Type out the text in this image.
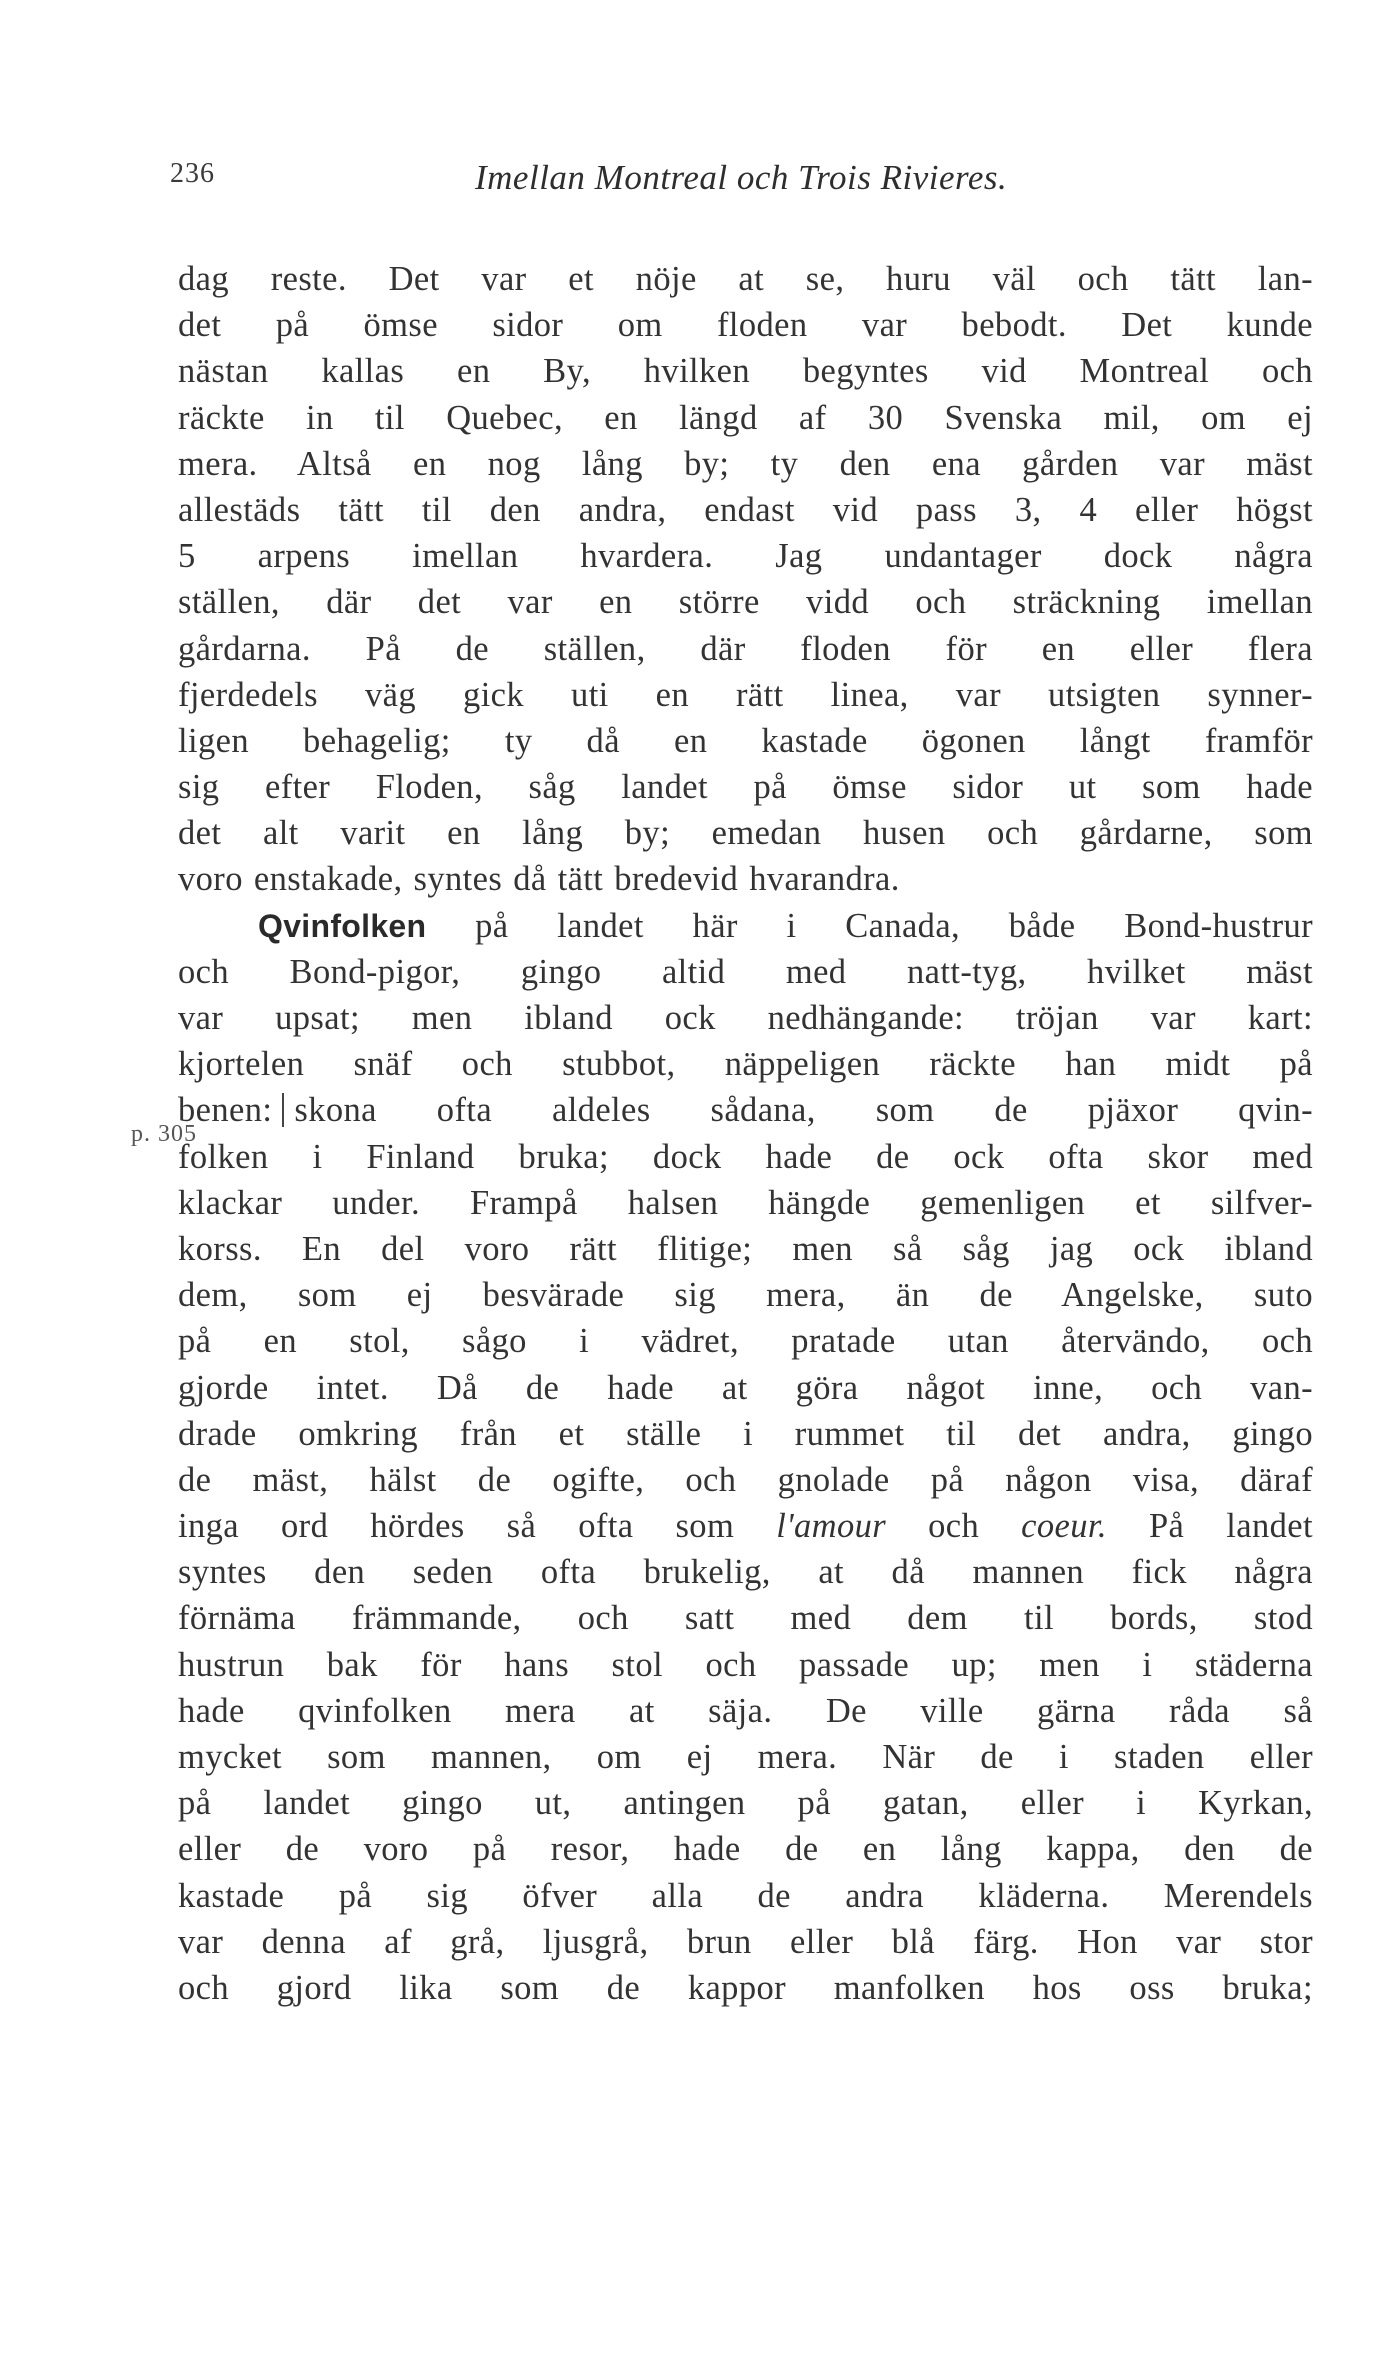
236	Imellan Montreal och Trois Rivieres.
p. 305
dag reste. Det var et nöje at se, huru väl och tätt lan-
det på ömse sidor om floden var bebodt. Det kunde
nästan kallas en By, hvilken begyntes vid Montreal och
räckte in til Quebec, en längd af 30 Svenska mil, om ej
mera. Altså en nog lång by; ty den ena gården var mäst
allestäds tätt til den andra, endast vid pass 3, 4 eller högst
5 arpens imellan hvardera. Jag undantager dock några
ställen, där det var en större vidd och sträckning imellan
gårdarna. På de ställen, där floden för en eller flera
fjerdedels väg gick uti en rätt linea, var utsigten synner-
ligen behagelig; ty då en kastade ögonen långt framför
sig efter Floden, såg landet på ömse sidor ut som hade
det alt varit en lång by; emedan husen och gårdarne, som
voro enstakade, syntes då tätt bredevid hvarandra.
Qvinfolken på landet här i Canada, både Bond-hustrur
och Bond-pigor, gingo altid med natt-tyg, hvilket mäst
var upsat; men ibland ock nedhängande: tröjan var kart:
kjortelen snäf och stubbot, näppeligen räckte han midt på
benen: skona ofta aldeles sådana, som de pjäxor qvin-
folken i Finland bruka; dock hade de ock ofta skor med
klackar under. Frampå halsen hängde gemenligen et silfver-
korss. En del voro rätt flitige; men så såg jag ock ibland
dem, som ej besvärade sig mera, än de Angelske, suto
på en stol, sågo i vädret, pratade utan återvändo, och
gjorde intet. Då de hade at göra något inne, och van-
drade omkring från et ställe i rummet til det andra, gingo
de mäst, hälst de ogifte, och gnolade på någon visa, däraf
inga ord hördes så ofta som l'amour och coeur. På landet
syntes den seden ofta brukelig, at då mannen fick några
förnäma främmande, och satt med dem til bords, stod
hustrun bak för hans stol och passade up; men i städerna
hade qvinfolken mera at säja. De ville gärna råda så
mycket som mannen, om ej mera. När de i staden eller
på landet gingo ut, antingen på gatan, eller i Kyrkan,
eller de voro på resor, hade de en lång kappa, den de
kastade på sig öfver alla de andra kläderna. Merendels
var denna af grå, ljusgrå, brun eller blå färg. Hon var stor
och gjord lika som de kappor manfolken hos oss bruka;
